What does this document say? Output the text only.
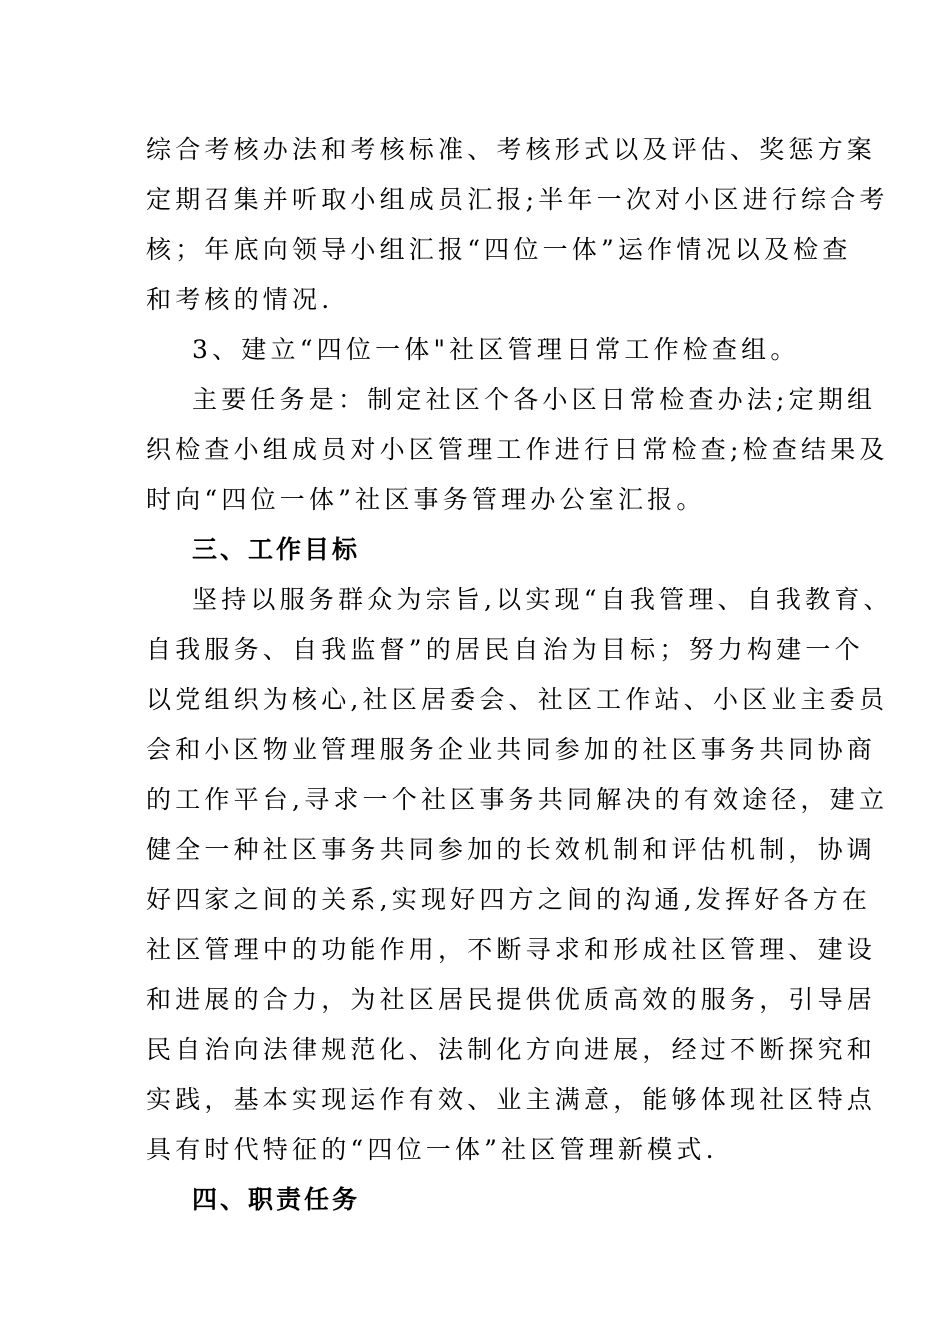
综合考核办法和考核标准、考核形式以及评估、奖惩方案
定期召集并听取小组成员汇报;半年一次对小区进行综合考
核；年底向领导小组汇报“四位一体”运作情况以及检查
和考核的情况.
3、建立“四位一体"社区管理日常工作检查组。
主要任务是：制定社区个各小区日常检查办法;定期组
织检查小组成员对小区管理工作进行日常检查;检查结果及
时向“四位一体”社区事务管理办公室汇报。
三、工作目标
坚持以服务群众为宗旨,以实现“自我管理、自我教育、
自我服务、自我监督”的居民自治为目标；努力构建一个
以党组织为核心,社区居委会、社区工作站、小区业主委员
会和小区物业管理服务企业共同参加的社区事务共同协商
的工作平台,寻求一个社区事务共同解决的有效途径，建立
健全一种社区事务共同参加的长效机制和评估机制，协调
好四家之间的关系,实现好四方之间的沟通,发挥好各方在
社区管理中的功能作用，不断寻求和形成社区管理、建设
和进展的合力，为社区居民提供优质高效的服务，引导居
民自治向法律规范化、法制化方向进展，经过不断探究和
实践，基本实现运作有效、业主满意，能够体现社区特点
具有时代特征的“四位一体”社区管理新模式.
四、职责任务
